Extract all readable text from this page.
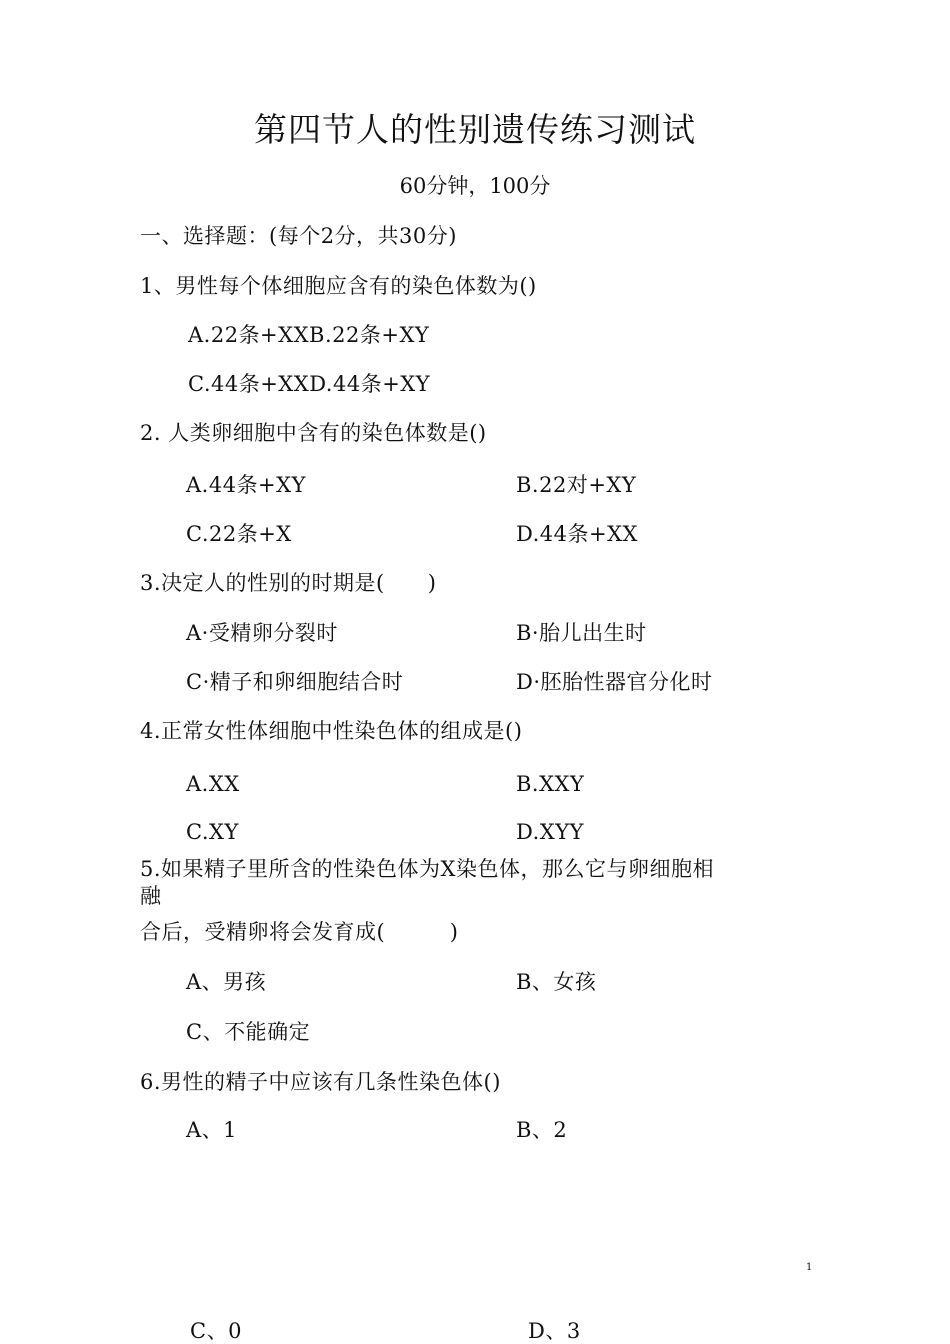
第四节人的性别遗传练习测试
60分钟，100分
一、选择题：(每个2分，共30分)
1、男性每个体细胞应含有的染色体数为()
A.22条+XXB.22条+XY
C.44条+XXD.44条+XY
2. 人类卵细胞中含有的染色体数是()
A.44条+XY	B.22对+XY
C.22条+X	D.44条+XX
3.决定人的性别的时期是(　　)
A·受精卵分裂时	B·胎儿出生时
C·精子和卵细胞结合时	D·胚胎性器官分化时
4.正常女性体细胞中性染色体的组成是()
A.XX	B.XXY
C.XY	D.XYY
5.如果精子里所含的性染色体为X染色体，那么它与卵细胞相
融
合后，受精卵将会发育成(　　　)
A、男孩	B、女孩
C、不能确定
6.男性的精子中应该有几条性染色体()
A、1	B、2
1
C、0	D、3
